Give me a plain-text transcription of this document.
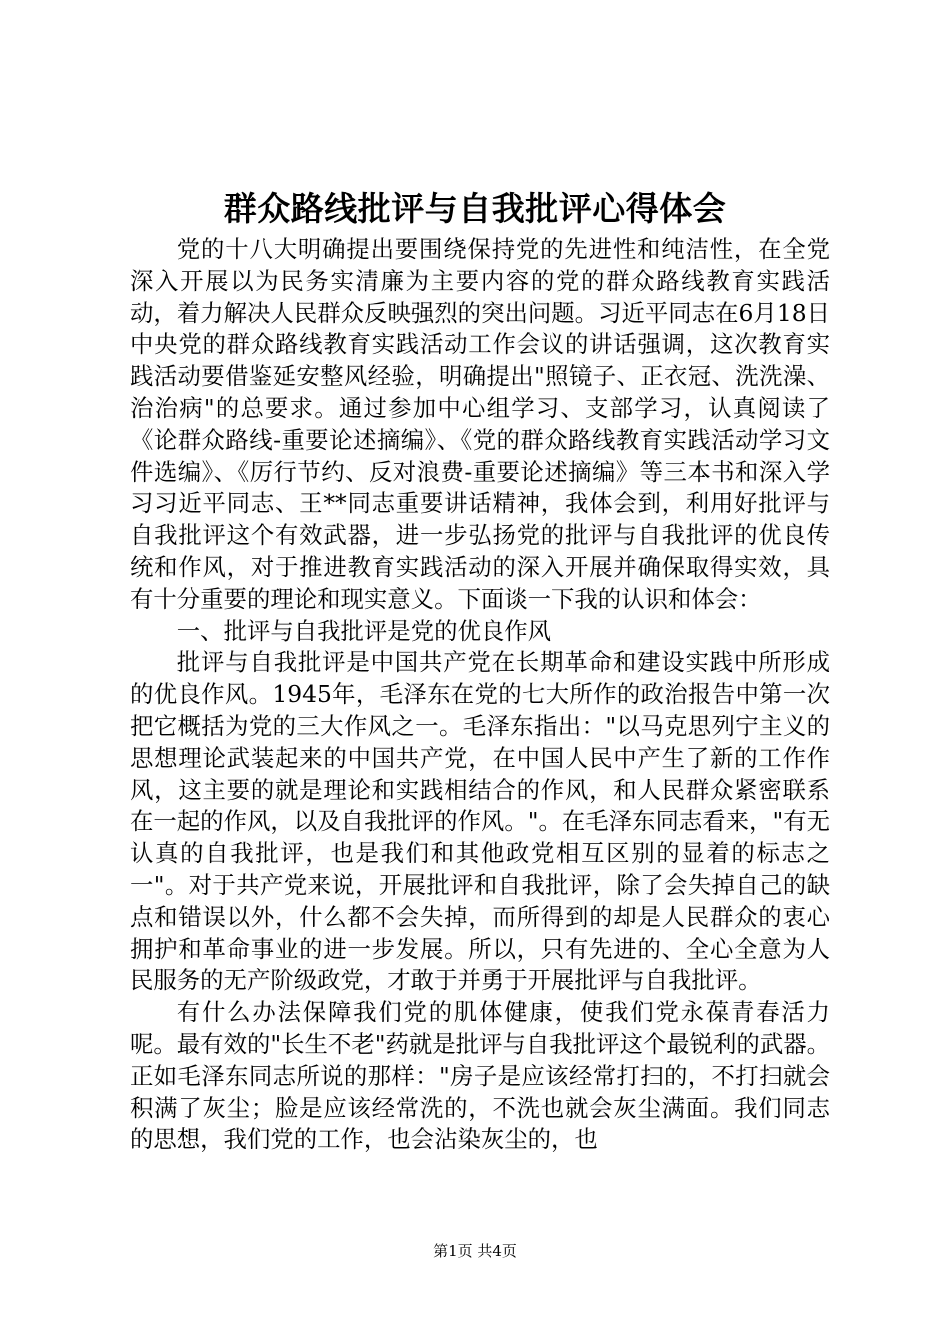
群众路线批评与自我批评心得体会

党的十八大明确提出要围绕保持党的先进性和纯洁性，在全党深入开展以为民务实清廉为主要内容的党的群众路线教育实践活动，着力解决人民群众反映强烈的突出问题。习近平同志在6月18日中央党的群众路线教育实践活动工作会议的讲话强调，这次教育实践活动要借鉴延安整风经验，明确提出"照镜子、正衣冠、洗洗澡、治治病"的总要求。通过参加中心组学习、支部学习，认真阅读了《论群众路线-重要论述摘编》、《党的群众路线教育实践活动学习文件选编》、《厉行节约、反对浪费-重要论述摘编》等三本书和深入学习习近平同志、王**同志重要讲话精神，我体会到，利用好批评与自我批评这个有效武器，进一步弘扬党的批评与自我批评的优良传统和作风，对于推进教育实践活动的深入开展并确保取得实效，具有十分重要的理论和现实意义。下面谈一下我的认识和体会：

一、批评与自我批评是党的优良作风

批评与自我批评是中国共产党在长期革命和建设实践中所形成的优良作风。1945年，毛泽东在党的七大所作的政治报告中第一次把它概括为党的三大作风之一。毛泽东指出："以马克思列宁主义的思想理论武装起来的中国共产党，在中国人民中产生了新的工作作风，这主要的就是理论和实践相结合的作风，和人民群众紧密联系在一起的作风，以及自我批评的作风。"。在毛泽东同志看来，"有无认真的自我批评，也是我们和其他政党相互区别的显着的标志之一"。对于共产党来说，开展批评和自我批评，除了会失掉自己的缺点和错误以外，什么都不会失掉，而所得到的却是人民群众的衷心拥护和革命事业的进一步发展。所以，只有先进的、全心全意为人民服务的无产阶级政党，才敢于并勇于开展批评与自我批评。

有什么办法保障我们党的肌体健康，使我们党永葆青春活力呢。最有效的"长生不老"药就是批评与自我批评这个最锐利的武器。正如毛泽东同志所说的那样："房子是应该经常打扫的，不打扫就会积满了灰尘；脸是应该经常洗的，不洗也就会灰尘满面。我们同志的思想，我们党的工作，也会沾染灰尘的，也

第1页 共4页
